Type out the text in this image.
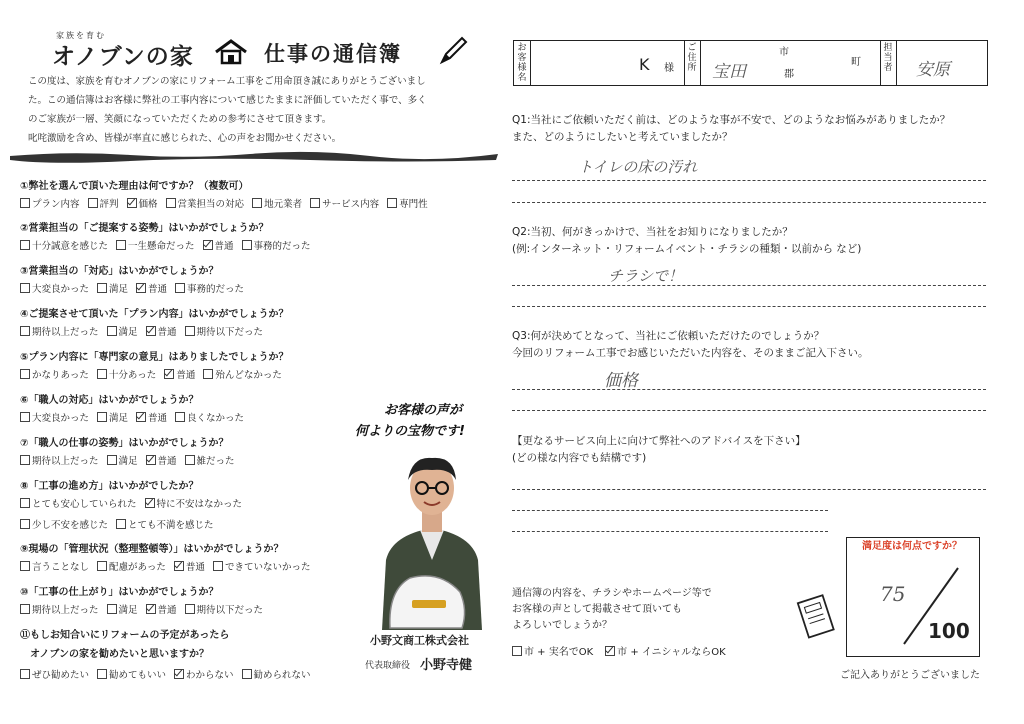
家族を育む
オノブンの家	仕事の通信簿
この度は、家族を育むオノブンの家にリフォーム工事をご用命頂き誠にありがとうございまし
た。この通信簿はお客様に弊社の工事内容について感じたままに評価していただく事で、多く
のご家族が一層、笑顔になっていただくための参考にさせて頂きます。
叱咤激励を含め、皆様が率直に感じられた、心の声をお聞かせください。
①弊社を選んで頂いた理由は何ですか？（複数可）
プラン内容 評判 価格 営業担当の対応 地元業者 サービス内容 専門性
②営業担当の「ご提案する姿勢」はいかがでしょうか？
十分誠意を感じた 一生懸命だった 普通 事務的だった
③営業担当の「対応」はいかがでしょうか？
大変良かった 満足 普通 事務的だった
④ご提案させて頂いた「プラン内容」はいかがでしょうか？
期待以上だった 満足 普通 期待以下だった
⑤プラン内容に「専門家の意見」はありましたでしょうか？
かなりあった 十分あった 普通 殆んどなかった
⑥「職人の対応」はいかがでしょうか？
大変良かった 満足 普通 良くなかった
⑦「職人の仕事の姿勢」はいかがでしょうか？
期待以上だった 満足 普通 雑だった
⑧「工事の進め方」はいかがでしたか？
とても安心していられた 特に不安はなかった
少し不安を感じた とても不満を感じた
⑨現場の「管理状況（整理整頓等）」はいかがでしょうか？
言うことなし 配慮があった 普通 できていないかった
⑩「工事の仕上がり」はいかがでしょうか？
期待以上だった 満足 普通 期待以下だった
⑪もしお知合いにリフォームの予定があったら
　オノブンの家を勧めたいと思いますか？
ぜひ勧めたい 勧めてもいい わからない 勧められない
お客様の声が
何よりの宝物です!
小野文商工株式会社
代表取締役 小野寺健
お客様名
K 様
ご住所 宝田
市
郡
町
担当者 安原
Q1:当社にご依頼いただく前は、どのような事が不安で、どのようなお悩みがありましたか？
また、どのようにしたいと考えていましたか？
トイレの床の汚れ
Q2:当初、何がきっかけで、当社をお知りになりましたか？
(例:インターネット・リフォームイベント・チラシの種類・以前から など)
チラシで！
Q3:何が決めてとなって、当社にご依頼いただけたのでしょうか？
今回のリフォーム工事でお感じいただいた内容を、そのままご記入下さい。
価格
【更なるサービス向上に向けて弊社へのアドバイスを下さい】
(どの様な内容でも結構です)
満足度は何点ですか？
75
100
通信簿の内容を、チラシやホームページ等で
お客様の声として掲載させて頂いても
よろしいでしょうか？
市 + 実名でOK 市 + イニシャルならOK
ご記入ありがとうございました
